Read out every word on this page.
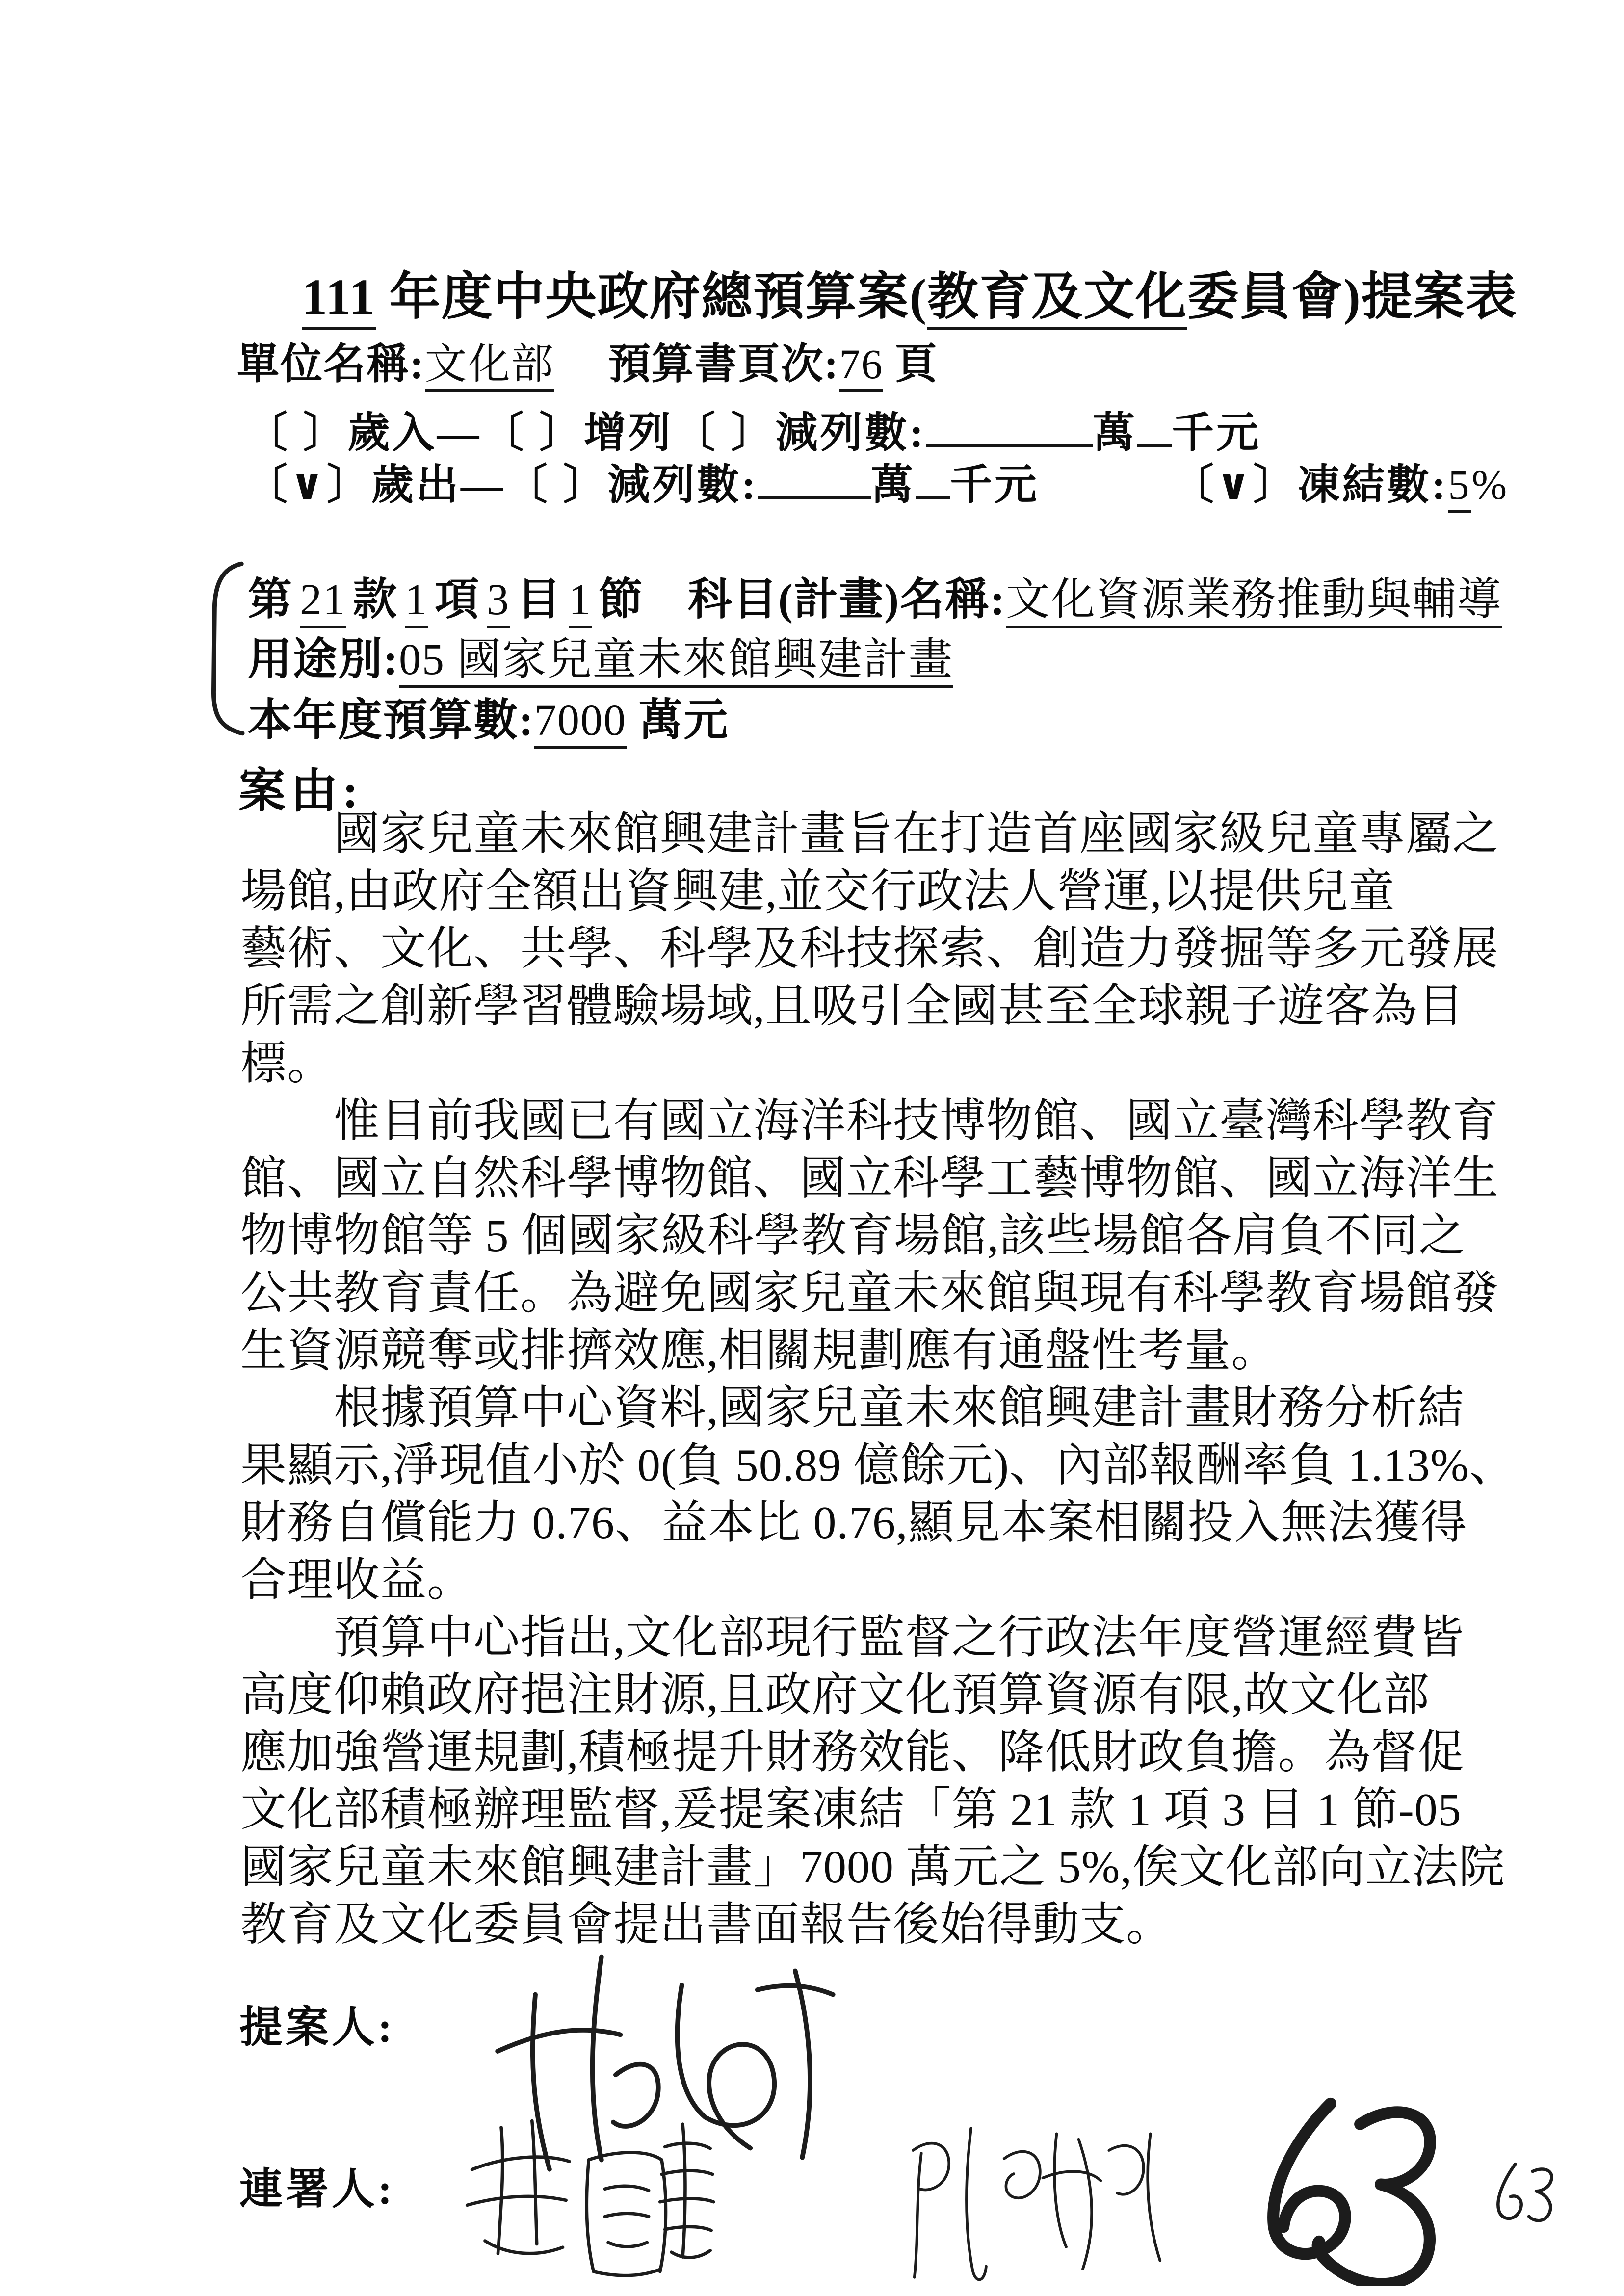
111 年度中央政府總預算案(教育及文化委員會)提案表
單位名稱:文化部 預算書頁次:76 頁
〔 〕歲入—〔 〕增列〔 〕減列數:	萬 千元
〔∨〕歲出—〔 〕減列數:	萬 千元	〔∨〕凍結數:5%
第 21 款 1 項 3 目 1 節 科目(計畫)名稱:文化資源業務推動與輔導
用途別:05 國家兒童未來館興建計畫
本年度預算數:7000 萬元
案由:
國家兒童未來館興建計畫旨在打造首座國家級兒童專屬之
場館,由政府全額出資興建,並交行政法人營運,以提供兒童
藝術、文化、共學、科學及科技探索、創造力發掘等多元發展
所需之創新學習體驗場域,且吸引全國甚至全球親子遊客為目
標。
惟目前我國已有國立海洋科技博物館、國立臺灣科學教育
館、國立自然科學博物館、國立科學工藝博物館、國立海洋生
物博物館等 5 個國家級科學教育場館,該些場館各肩負不同之
公共教育責任。為避免國家兒童未來館與現有科學教育場館發
生資源競奪或排擠效應,相關規劃應有通盤性考量。
根據預算中心資料,國家兒童未來館興建計畫財務分析結
果顯示,淨現值小於 0(負 50.89 億餘元)、內部報酬率負 1.13%、
財務自償能力 0.76、益本比 0.76,顯見本案相關投入無法獲得
合理收益。
預算中心指出,文化部現行監督之行政法年度營運經費皆
高度仰賴政府挹注財源,且政府文化預算資源有限,故文化部
應加強營運規劃,積極提升財務效能、降低財政負擔。為督促
文化部積極辦理監督,爰提案凍結「第 21 款 1 項 3 目 1 節-05
國家兒童未來館興建計畫」7000 萬元之 5%,俟文化部向立法院
教育及文化委員會提出書面報告後始得動支。
提案人:
連署人:
